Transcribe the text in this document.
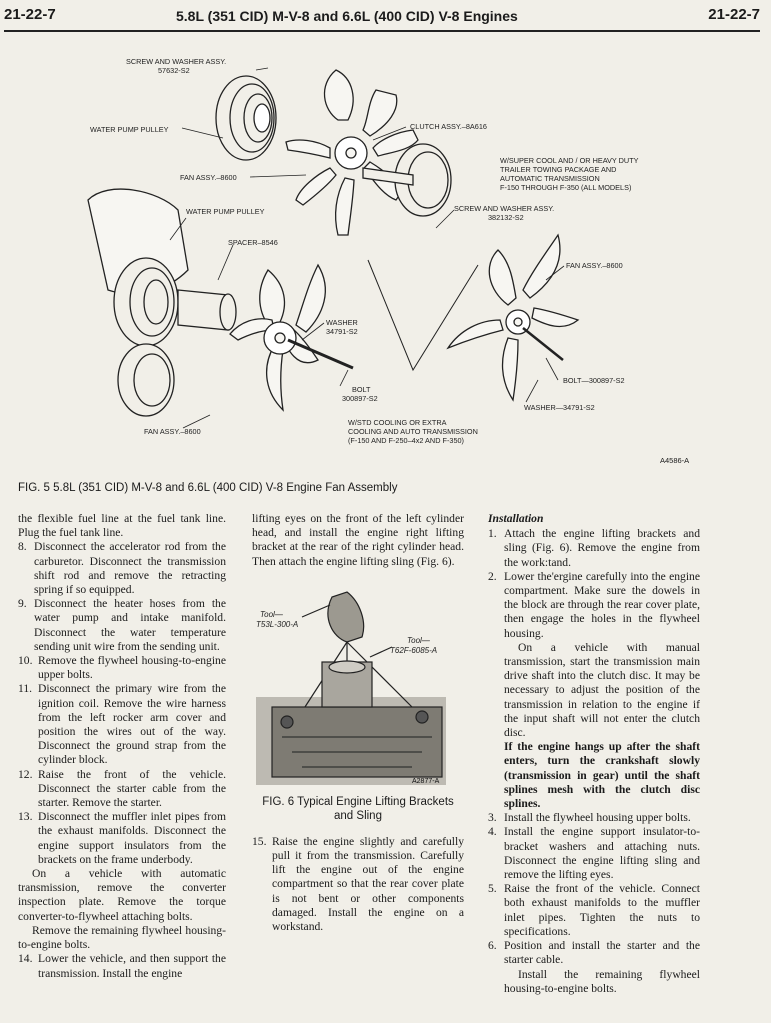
21-22-7	5.8L (351 CID) M-V-8 and 6.6L (400 CID) V-8 Engines	21-22-7
SCREW AND WASHER ASSY.
57632-S2
WATER PUMP PULLEY
FAN ASSY.–8600
CLUTCH ASSY.–8A616
W/SUPER COOL AND / OR HEAVY DUTY
TRAILER TOWING PACKAGE AND
AUTOMATIC TRANSMISSION
F-150 THROUGH F-350 (ALL MODELS)
SCREW AND WASHER ASSY.
382132-S2
WATER PUMP PULLEY
SPACER–8546
FAN ASSY.–8600
WASHER
34791-S2
BOLT
300897-S2
BOLT—300897-S2
WASHER—34791-S2
FAN ASSY.–8600
W/STD COOLING OR EXTRA
COOLING AND AUTO TRANSMISSION
(F-150 AND F-250–4x2 AND F-350)
A4586-A
FIG. 5 5.8L (351 CID) M-V-8 and 6.6L (400 CID) V-8 Engine Fan Assembly

the flexible fuel line at the fuel tank line. Plug the fuel tank line.

8. Disconnect the accelerator rod from the carburetor. Disconnect the transmission shift rod and remove the retracting spring if so equipped.

9. Disconnect the heater hoses from the water pump and intake manifold. Disconnect the water temperature sending unit wire from the sending unit.

10. Remove the flywheel housing-to-engine upper bolts.

11. Disconnect the primary wire from the ignition coil. Remove the wire harness from the left rocker arm cover and position the wires out of the way. Disconnect the ground strap from the cylinder block.

12. Raise the front of the vehicle. Disconnect the starter cable from the starter. Remove the starter.

13. Disconnect the muffler inlet pipes from the exhaust manifolds. Disconnect the engine support insulators from the brackets on the frame underbody.

On a vehicle with automatic transmission, remove the converter inspection plate. Remove the torque converter-to-flywheel attaching bolts.

Remove the remaining flywheel housing-to-engine bolts.

14. Lower the vehicle, and then support the transmission. Install the engine

lifting eyes on the front of the left cylinder head, and install the engine right lifting bracket at the rear of the right cylinder head. Then attach the engine lifting sling (Fig. 6).

Tool—
T53L-300-A
Tool—
T62F-6085-A
A2877-A

FIG. 6 Typical Engine Lifting Brackets and Sling

15. Raise the engine slightly and carefully pull it from the transmission. Carefully lift the engine out of the engine compartment so that the rear cover plate is not bent or other components damaged. Install the engine on a workstand.

Installation

1. Attach the engine lifting brackets and sling (Fig. 6). Remove the engine from the work:tand.

2. Lower the'ergine carefully into the engine compartment. Make sure the dowels in the block are through the rear cover plate, then engage the holes in the flywheel housing.

On a vehicle with manual transmission, start the transmission main drive shaft into the clutch disc. It may be necessary to adjust the position of the transmission in relation to the engine if the input shaft will not enter the clutch disc.
If the engine hangs up after the shaft enters, turn the crankshaft slowly (transmission in gear) until the shaft splines mesh with the clutch disc splines.

3. Install the flywheel housing upper bolts.

4. Install the engine support insulator-to-bracket washers and attaching nuts. Disconnect the engine lifting sling and remove the lifting eyes.

5. Raise the front of the vehicle. Connect both exhaust manifolds to the muffler inlet pipes. Tighten the nuts to specifications.

6. Position and install the starter and the starter cable.

Install the remaining flywheel housing-to-engine bolts.
